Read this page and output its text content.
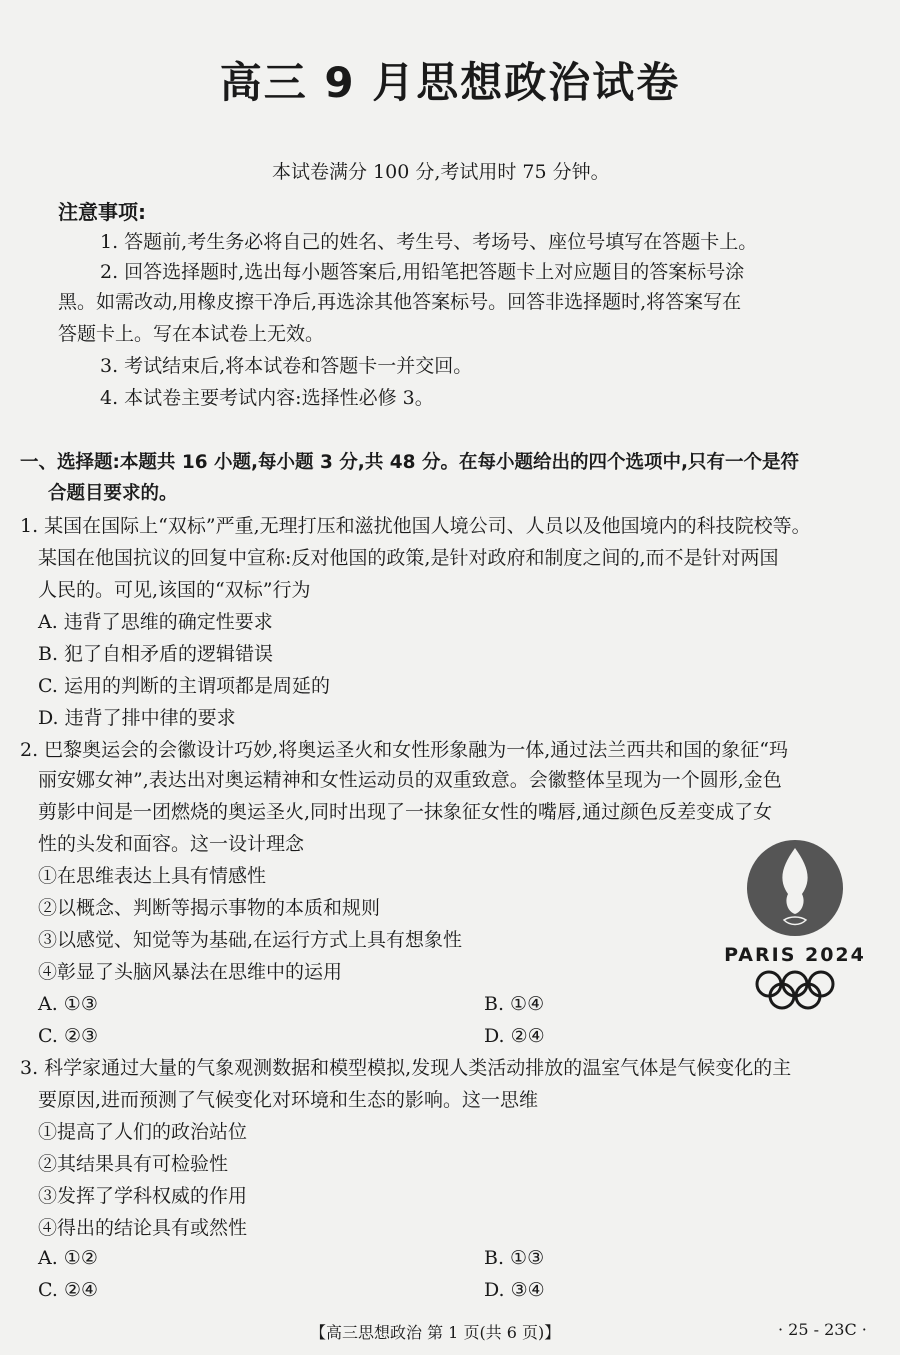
高三 9 月思想政治试卷
本试卷满分 100 分,考试用时 75 分钟。
注意事项:
1. 答题前,考生务必将自己的姓名、考生号、考场号、座位号填写在答题卡上。
2. 回答选择题时,选出每小题答案后,用铅笔把答题卡上对应题目的答案标号涂
黑。如需改动,用橡皮擦干净后,再选涂其他答案标号。回答非选择题时,将答案写在
答题卡上。写在本试卷上无效。
3. 考试结束后,将本试卷和答题卡一并交回。
4. 本试卷主要考试内容:选择性必修 3。
一、选择题:本题共 16 小题,每小题 3 分,共 48 分。在每小题给出的四个选项中,只有一个是符
合题目要求的。
1. 某国在国际上“双标”严重,无理打压和滋扰他国人境公司、人员以及他国境内的科技院校等。
某国在他国抗议的回复中宣称:反对他国的政策,是针对政府和制度之间的,而不是针对两国
人民的。可见,该国的“双标”行为
A. 违背了思维的确定性要求
B. 犯了自相矛盾的逻辑错误
C. 运用的判断的主谓项都是周延的
D. 违背了排中律的要求
2. 巴黎奥运会的会徽设计巧妙,将奥运圣火和女性形象融为一体,通过法兰西共和国的象征“玛
丽安娜女神”,表达出对奥运精神和女性运动员的双重致意。会徽整体呈现为一个圆形,金色
剪影中间是一团燃烧的奥运圣火,同时出现了一抹象征女性的嘴唇,通过颜色反差变成了女
性的头发和面容。这一设计理念
①在思维表达上具有情感性
②以概念、判断等揭示事物的本质和规则
③以感觉、知觉等为基础,在运行方式上具有想象性
④彰显了头脑风暴法在思维中的运用
A. ①③	B. ①④
C. ②③	D. ②④
PARIS 2024
3. 科学家通过大量的气象观测数据和模型模拟,发现人类活动排放的温室气体是气候变化的主
要原因,进而预测了气候变化对环境和生态的影响。这一思维
①提高了人们的政治站位
②其结果具有可检验性
③发挥了学科权威的作用
④得出的结论具有或然性
A. ①②	B. ①③
C. ②④	D. ③④
【高三思想政治 第 1 页(共 6 页)】	· 25 - 23C ·
